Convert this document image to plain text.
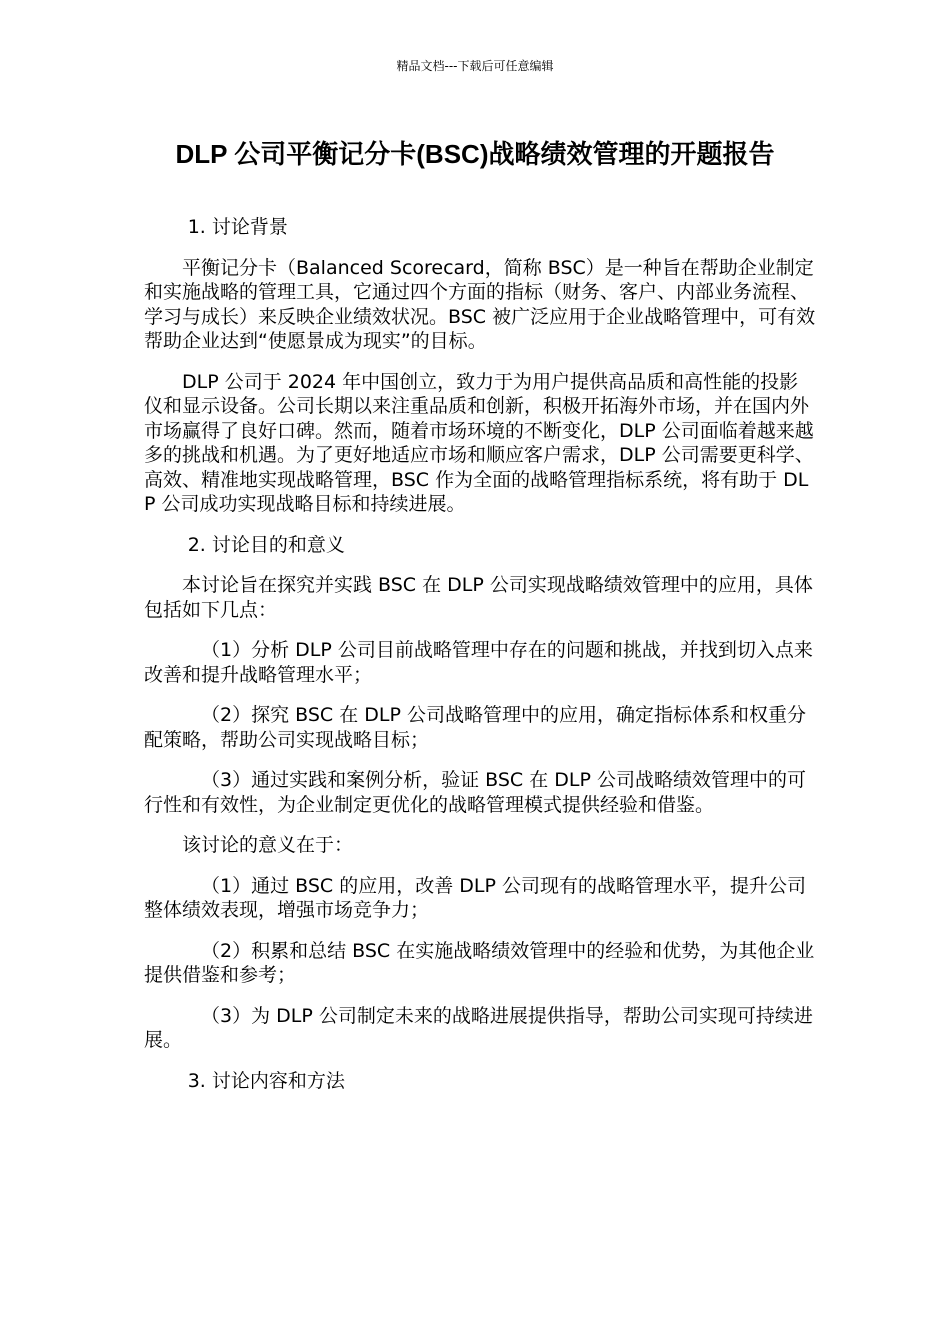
精品文档---下载后可任意编辑
DLP 公司平衡记分卡(BSC)战略绩效管理的开题报告

1. 讨论背景

平衡记分卡（Balanced Scorecard，简称 BSC）是一种旨在帮助企业制定和实施战略的管理工具，它通过四个方面的指标（财务、客户、内部业务流程、学习与成长）来反映企业绩效状况。BSC 被广泛应用于企业战略管理中，可有效帮助企业达到“使愿景成为现实”的目标。

DLP 公司于 2024 年中国创立，致力于为用户提供高品质和高性能的投影仪和显示设备。公司长期以来注重品质和创新，积极开拓海外市场，并在国内外市场赢得了良好口碑。然而，随着市场环境的不断变化，DLP 公司面临着越来越多的挑战和机遇。为了更好地适应市场和顺应客户需求，DLP 公司需要更科学、高效、精准地实现战略管理，BSC 作为全面的战略管理指标系统，将有助于 DLP 公司成功实现战略目标和持续进展。

2. 讨论目的和意义

本讨论旨在探究并实践 BSC 在 DLP 公司实现战略绩效管理中的应用，具体包括如下几点：

（1）分析 DLP 公司目前战略管理中存在的问题和挑战，并找到切入点来改善和提升战略管理水平；

（2）探究 BSC 在 DLP 公司战略管理中的应用，确定指标体系和权重分配策略，帮助公司实现战略目标；

（3）通过实践和案例分析，验证 BSC 在 DLP 公司战略绩效管理中的可行性和有效性，为企业制定更优化的战略管理模式提供经验和借鉴。

该讨论的意义在于：

（1）通过 BSC 的应用，改善 DLP 公司现有的战略管理水平，提升公司整体绩效表现，增强市场竞争力；

（2）积累和总结 BSC 在实施战略绩效管理中的经验和优势，为其他企业提供借鉴和参考；

（3）为 DLP 公司制定未来的战略进展提供指导，帮助公司实现可持续进展。

3. 讨论内容和方法
